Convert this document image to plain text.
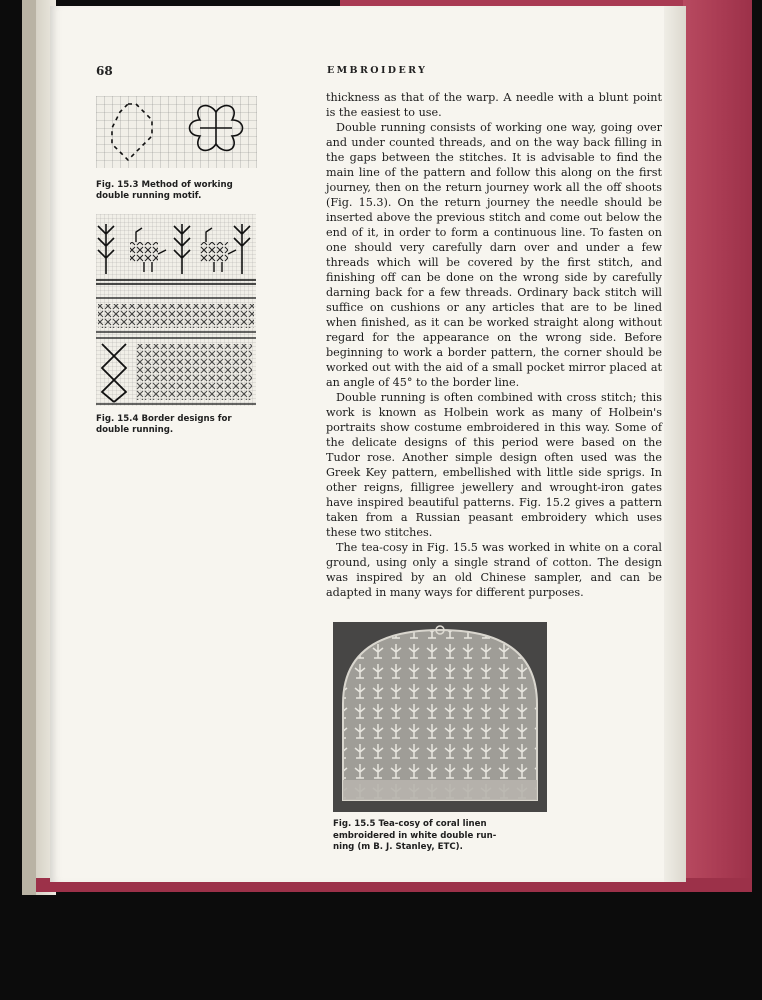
68	EMBROIDERY
Fig. 15.3 Method of working double running motif.
Fig. 15.4 Border designs for double running.

thickness as that of the warp. A needle with a blunt point is the easiest to use.

Double running consists of working one way, going over and under counted threads, and on the way back filling in the gaps between the stitches. It is advisable to find the main line of the pattern and follow this along on the first journey, then on the return journey work all the off shoots (Fig. 15.3). On the return journey the needle should be inserted above the previous stitch and come out below the end of it, in order to form a continuous line. To fasten on one should very carefully darn over and under a few threads which will be covered by the first stitch, and finishing off can be done on the wrong side by carefully darning back for a few threads. Ordinary back stitch will suffice on cushions or any articles that are to be lined when finished, as it can be worked straight along without regard for the appearance on the wrong side. Before beginning to work a border pattern, the corner should be worked out with the aid of a small pocket mirror placed at an angle of 45° to the border line.

Double running is often combined with cross stitch; this work is known as Holbein work as many of Holbein's portraits show costume embroidered in this way. Some of the delicate designs of this period were based on the Tudor rose. Another simple design often used was the Greek Key pattern, embellished with little side sprigs. In other reigns, filligree jewellery and wrought-iron gates have inspired beautiful patterns. Fig. 15.2 gives a pattern taken from a Russian peasant embroidery which uses these two stitches.

The tea-cosy in Fig. 15.5 was worked in white on a coral ground, using only a single strand of cotton. The design was inspired by an old Chinese sampler, and can be adapted in many ways for different purposes.

Fig. 15.5 Tea-cosy of coral linen
embroidered in white double run-
ning (m B. J. Stanley, ETC).
